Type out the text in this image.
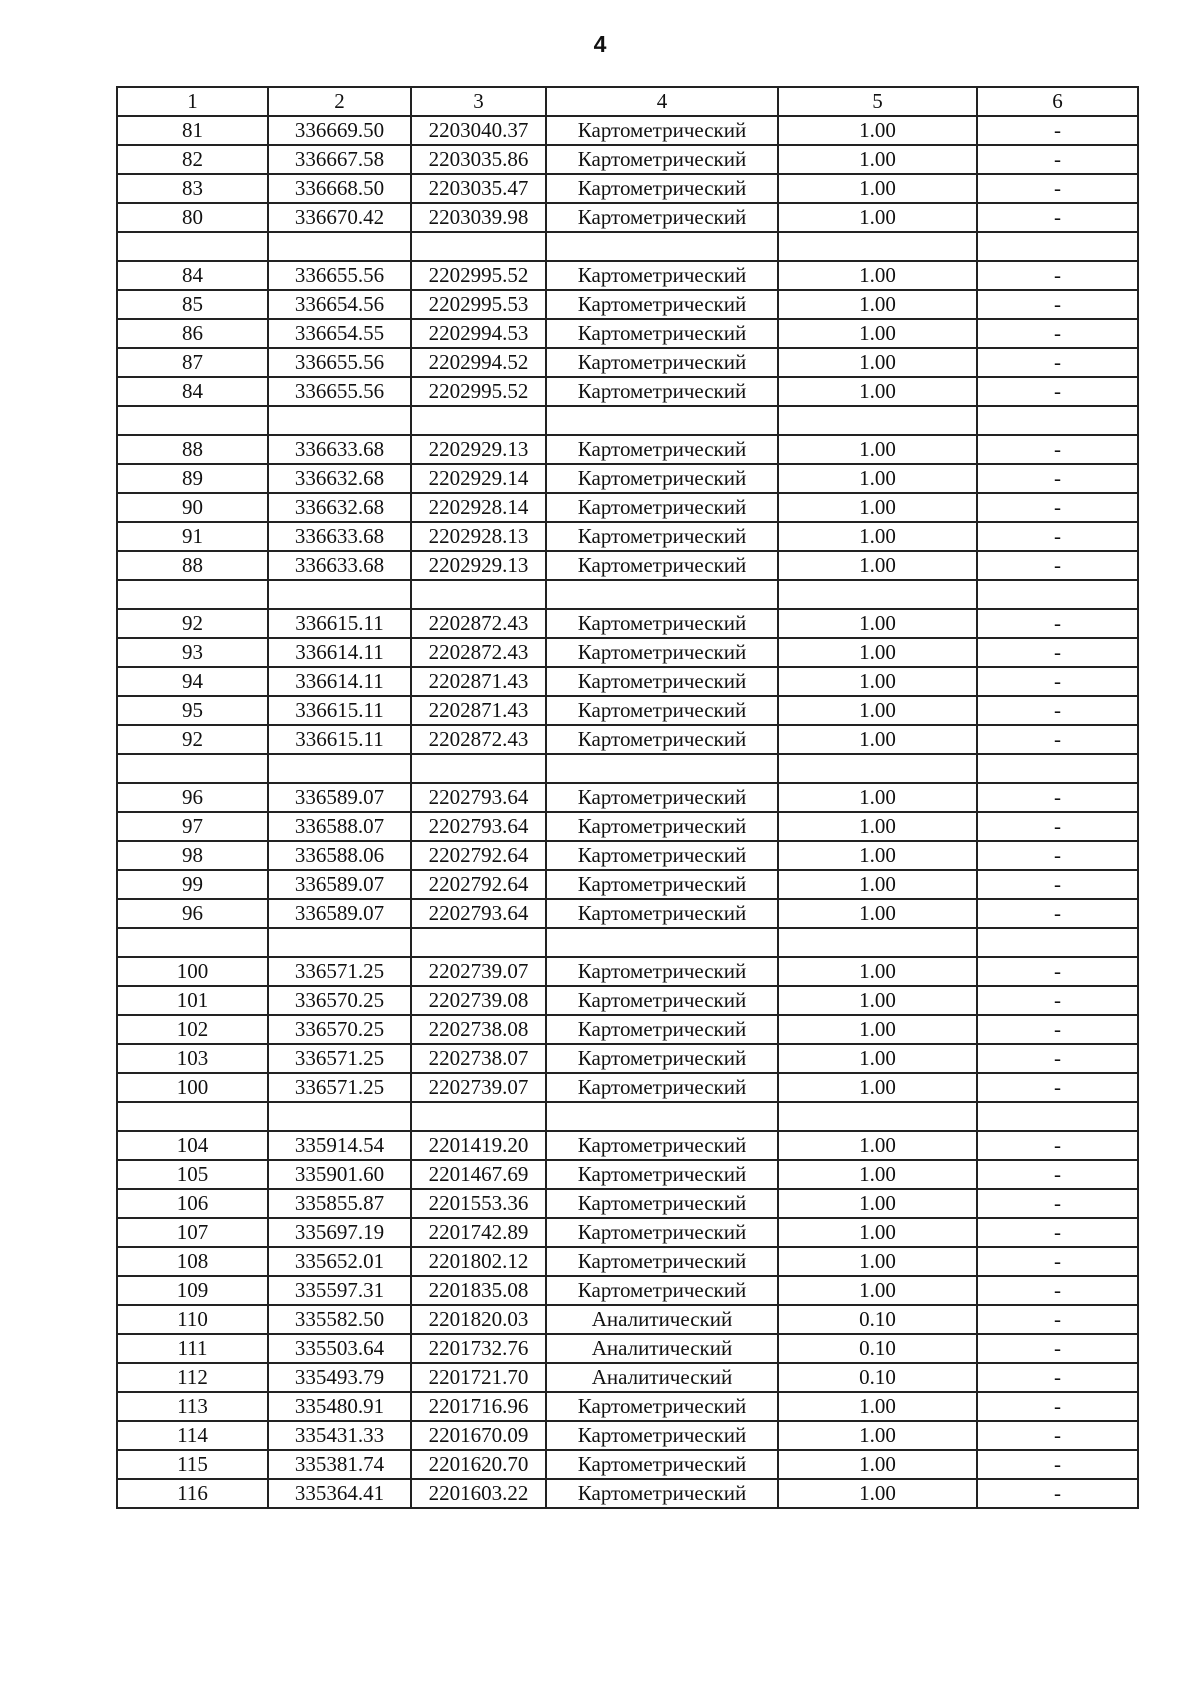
4
1	2	3	4	5	6
81	336669.50	2203040.37	Картометрический	1.00	-
82	336667.58	2203035.86	Картометрический	1.00	-
83	336668.50	2203035.47	Картометрический	1.00	-
80	336670.42	2203039.98	Картометрический	1.00	-

84	336655.56	2202995.52	Картометрический	1.00	-
85	336654.56	2202995.53	Картометрический	1.00	-
86	336654.55	2202994.53	Картометрический	1.00	-
87	336655.56	2202994.52	Картометрический	1.00	-
84	336655.56	2202995.52	Картометрический	1.00	-

88	336633.68	2202929.13	Картометрический	1.00	-
89	336632.68	2202929.14	Картометрический	1.00	-
90	336632.68	2202928.14	Картометрический	1.00	-
91	336633.68	2202928.13	Картометрический	1.00	-
88	336633.68	2202929.13	Картометрический	1.00	-

92	336615.11	2202872.43	Картометрический	1.00	-
93	336614.11	2202872.43	Картометрический	1.00	-
94	336614.11	2202871.43	Картометрический	1.00	-
95	336615.11	2202871.43	Картометрический	1.00	-
92	336615.11	2202872.43	Картометрический	1.00	-

96	336589.07	2202793.64	Картометрический	1.00	-
97	336588.07	2202793.64	Картометрический	1.00	-
98	336588.06	2202792.64	Картометрический	1.00	-
99	336589.07	2202792.64	Картометрический	1.00	-
96	336589.07	2202793.64	Картометрический	1.00	-

100	336571.25	2202739.07	Картометрический	1.00	-
101	336570.25	2202739.08	Картометрический	1.00	-
102	336570.25	2202738.08	Картометрический	1.00	-
103	336571.25	2202738.07	Картометрический	1.00	-
100	336571.25	2202739.07	Картометрический	1.00	-

104	335914.54	2201419.20	Картометрический	1.00	-
105	335901.60	2201467.69	Картометрический	1.00	-
106	335855.87	2201553.36	Картометрический	1.00	-
107	335697.19	2201742.89	Картометрический	1.00	-
108	335652.01	2201802.12	Картометрический	1.00	-
109	335597.31	2201835.08	Картометрический	1.00	-
110	335582.50	2201820.03	Аналитический	0.10	-
111	335503.64	2201732.76	Аналитический	0.10	-
112	335493.79	2201721.70	Аналитический	0.10	-
113	335480.91	2201716.96	Картометрический	1.00	-
114	335431.33	2201670.09	Картометрический	1.00	-
115	335381.74	2201620.70	Картометрический	1.00	-
116	335364.41	2201603.22	Картометрический	1.00	-
